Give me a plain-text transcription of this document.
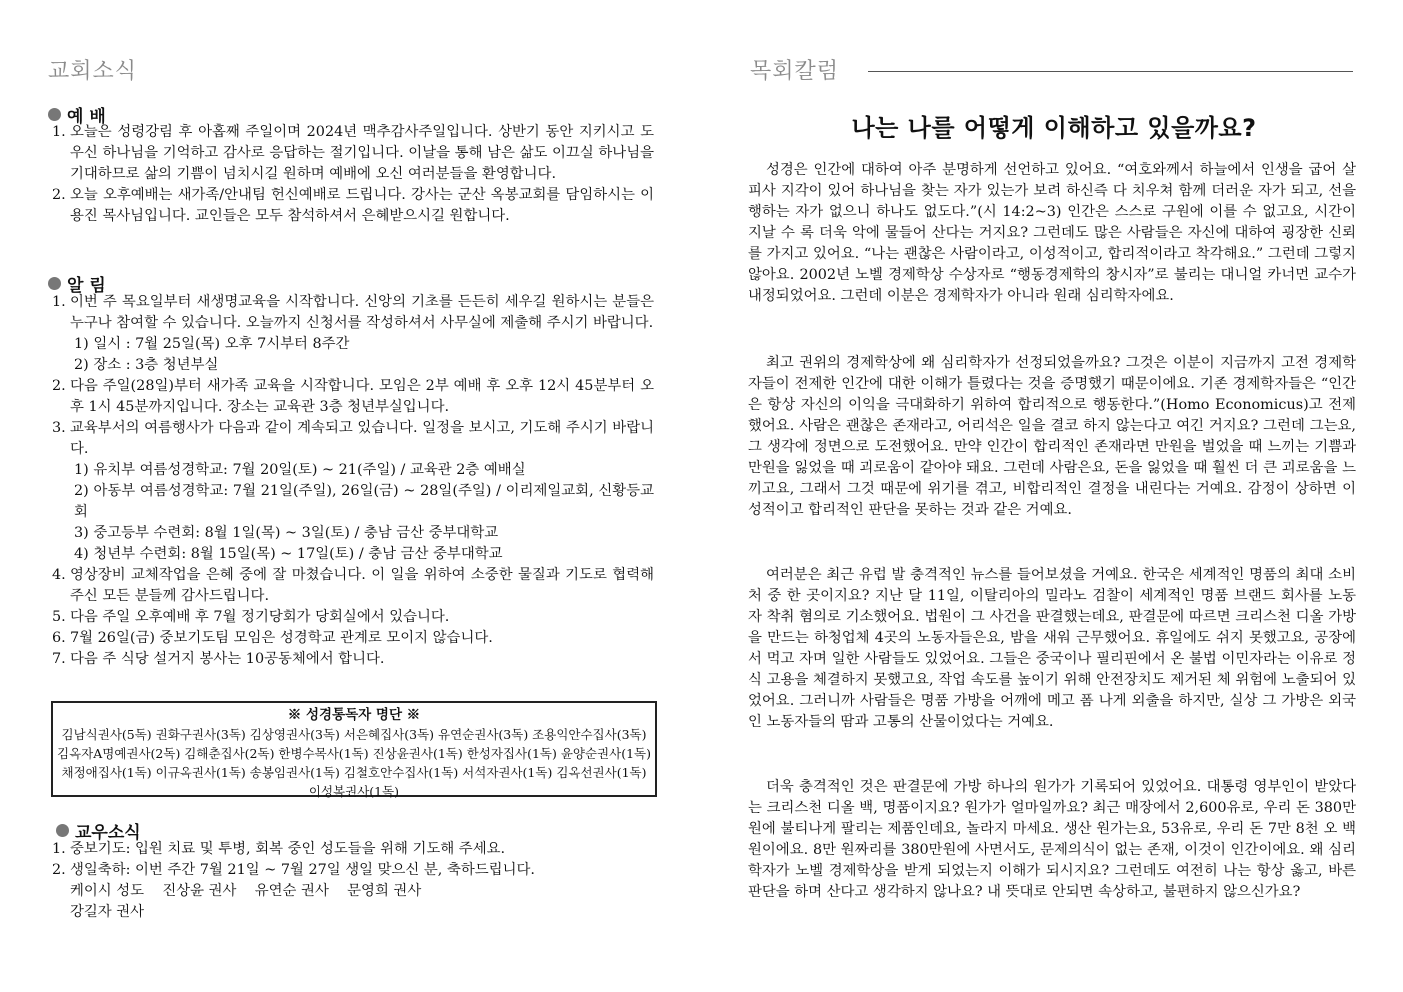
교회소식
예 배
1. 오늘은 성령강림 후 아홉째 주일이며 2024년 맥추감사주일입니다. 상반기 동안 지키시고 도우신 하나님을 기억하고 감사로 응답하는 절기입니다. 이날을 통해 남은 삶도 이끄실 하나님을 기대하므로 삶의 기쁨이 넘치시길 원하며 예배에 오신 여러분들을 환영합니다.
2. 오늘 오후예배는 새가족/안내팀 헌신예배로 드립니다. 강사는 군산 옥봉교회를 담임하시는 이용진 목사님입니다. 교인들은 모두 참석하셔서 은혜받으시길 원합니다.
알 림
1. 이번 주 목요일부터 새생명교육을 시작합니다. 신앙의 기초를 든든히 세우길 원하시는 분들은 누구나 참여할 수 있습니다. 오늘까지 신청서를 작성하셔서 사무실에 제출해 주시기 바랍니다.
1) 일시 : 7월 25일(목) 오후 7시부터 8주간
2) 장소 : 3층 청년부실
2. 다음 주일(28일)부터 새가족 교육을 시작합니다. 모임은 2부 예배 후 오후 12시 45분부터 오후 1시 45분까지입니다. 장소는 교육관 3층 청년부실입니다.
3. 교육부서의 여름행사가 다음과 같이 계속되고 있습니다. 일정을 보시고, 기도해 주시기 바랍니다.
1) 유치부 여름성경학교: 7월 20일(토) ~ 21(주일) / 교육관 2층 예배실
2) 아동부 여름성경학교: 7월 21일(주일), 26일(금) ~ 28일(주일) / 이리제일교회, 신황등교회
3) 중고등부 수련회: 8월 1일(목) ~ 3일(토) / 충남 금산 중부대학교
4) 청년부 수련회: 8월 15일(목) ~ 17일(토) / 충남 금산 중부대학교
4. 영상장비 교체작업을 은혜 중에 잘 마쳤습니다. 이 일을 위하여 소중한 물질과 기도로 협력해 주신 모든 분들께 감사드립니다.
5. 다음 주일 오후예배 후 7월 정기당회가 당회실에서 있습니다.
6. 7월 26일(금) 중보기도팀 모임은 성경학교 관계로 모이지 않습니다.
7. 다음 주 식당 설거지 봉사는 10공동체에서 합니다.
※ 성경통독자 명단 ※
김남식권사(5독) 권화구권사(3독) 김상영권사(3독) 서은혜집사(3독) 유연순권사(3독) 조용익안수집사(3독)
김옥자A명예권사(2독) 김해춘집사(2독) 한병수목사(1독) 진상윤권사(1독) 한성자집사(1독) 윤양순권사(1독)
채정애집사(1독) 이규옥권사(1독) 송봉임권사(1독) 김철호안수집사(1독) 서석자권사(1독) 김옥선권사(1독)
이성복권사(1독)
교우소식
1. 중보기도: 입원 치료 및 투병, 회복 중인 성도들을 위해 기도해 주세요.
2. 생일축하: 이번 주간 7월 21일 ~ 7월 27일 생일 맞으신 분, 축하드립니다.
케이시 성도    진상윤 권사    유연순 권사    문영희 권사
강길자 권사
목회칼럼
나는 나를 어떻게 이해하고 있을까요?

성경은 인간에 대하여 아주 분명하게 선언하고 있어요. “여호와께서 하늘에서 인생을 굽어 살피사 지각이 있어 하나님을 찾는 자가 있는가 보려 하신즉 다 치우쳐 함께 더러운 자가 되고, 선을 행하는 자가 없으니 하나도 없도다.”(시 14:2~3) 인간은 스스로 구원에 이를 수 없고요, 시간이 지날 수 록 더욱 악에 물들어 산다는 거지요? 그런데도 많은 사람들은 자신에 대하여 굉장한 신뢰를 가지고 있어요. “나는 괜찮은 사람이라고, 이성적이고, 합리적이라고 착각해요.” 그런데 그렇지 않아요. 2002년 노벨 경제학상 수상자로 “행동경제학의 창시자”로 불리는 대니얼 카너먼 교수가 내정되었어요. 그런데 이분은 경제학자가 아니라 원래 심리학자에요.

최고 권위의 경제학상에 왜 심리학자가 선정되었을까요? 그것은 이분이 지금까지 고전 경제학자들이 전제한 인간에 대한 이해가 틀렸다는 것을 증명했기 때문이에요. 기존 경제학자들은 “인간은 항상 자신의 이익을 극대화하기 위하여 합리적으로 행동한다.”(Homo Economicus)고 전제했어요. 사람은 괜찮은 존재라고, 어리석은 일을 결코 하지 않는다고 여긴 거지요? 그런데 그는요, 그 생각에 정면으로 도전했어요. 만약 인간이 합리적인 존재라면 만원을 벌었을 때 느끼는 기쁨과 만원을 잃었을 때 괴로움이 같아야 돼요. 그런데 사람은요, 돈을 잃었을 때 훨씬 더 큰 괴로움을 느끼고요, 그래서 그것 때문에 위기를 겪고, 비합리적인 결정을 내린다는 거예요. 감정이 상하면 이성적이고 합리적인 판단을 못하는 것과 같은 거예요.

여러분은 최근 유럽 발 충격적인 뉴스를 들어보셨을 거예요. 한국은 세계적인 명품의 최대 소비처 중 한 곳이지요? 지난 달 11일, 이탈리아의 밀라노 검찰이 세계적인 명품 브랜드 회사를 노동자 착취 혐의로 기소했어요. 법원이 그 사건을 판결했는데요, 판결문에 따르면 크리스천 디올 가방을 만드는 하청업체 4곳의 노동자들은요, 밤을 새워 근무했어요. 휴일에도 쉬지 못했고요, 공장에서 먹고 자며 일한 사람들도 있었어요. 그들은 중국이나 필리핀에서 온 불법 이민자라는 이유로 정식 고용을 체결하지 못했고요, 작업 속도를 높이기 위해 안전장치도 제거된 체 위험에 노출되어 있었어요. 그러니까 사람들은 명품 가방을 어깨에 메고 폼 나게 외출을 하지만, 실상 그 가방은 외국인 노동자들의 땀과 고통의 산물이었다는 거예요.

더욱 충격적인 것은 판결문에 가방 하나의 원가가 기록되어 있었어요. 대통령 영부인이 받았다는 크리스천 디올 백, 명품이지요? 원가가 얼마일까요? 최근 매장에서 2,600유로, 우리 돈 380만원에 불티나게 팔리는 제품인데요, 놀라지 마세요. 생산 원가는요, 53유로, 우리 돈 7만 8천 오 백 원이에요. 8만 원짜리를 380만원에 사면서도, 문제의식이 없는 존재, 이것이 인간이에요. 왜 심리학자가 노벨 경제학상을 받게 되었는지 이해가 되시지요? 그런데도 여전히 나는 항상 옳고, 바른 판단을 하며 산다고 생각하지 않나요? 내 뜻대로 안되면 속상하고, 불편하지 않으신가요?
